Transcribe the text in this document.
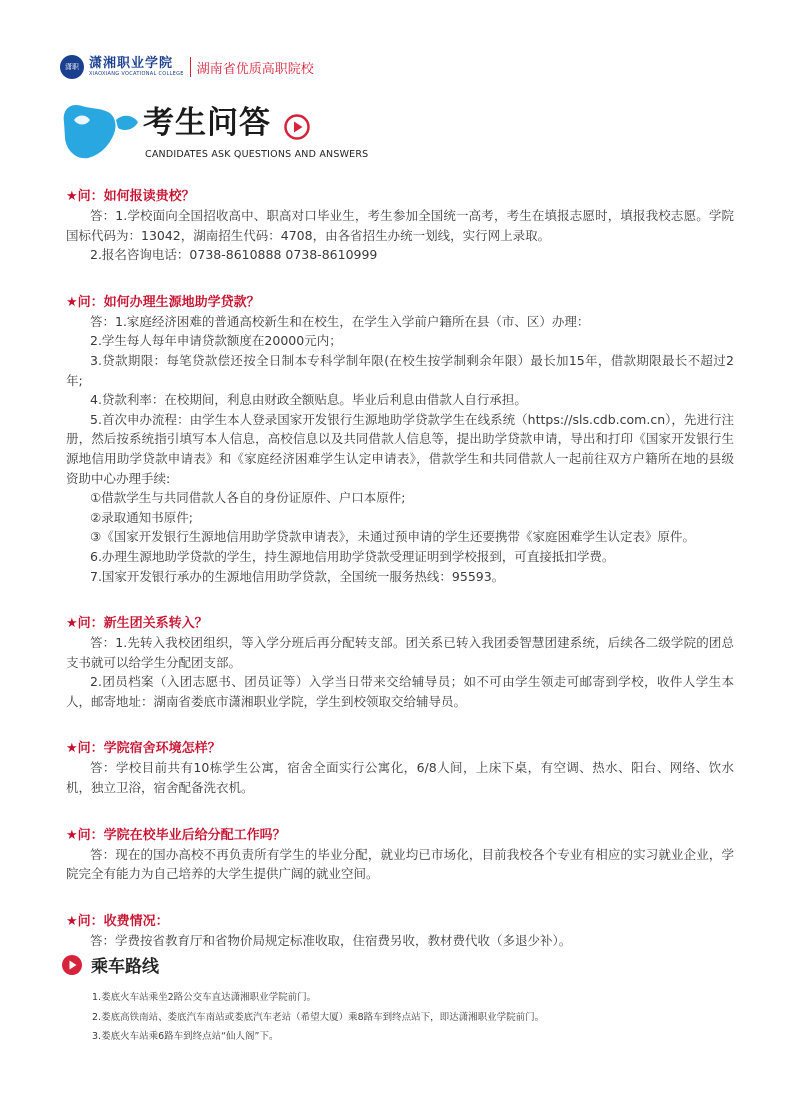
潇职 潇湘职业学院
XIAOXIANG VOCATIONAL COLLEGE 湖南省优质高职院校
考生问答
CANDIDATES ASK QUESTIONS AND ANSWERS
★问：如何报读贵校？

答：1.学校面向全国招收高中、职高对口毕业生，考生参加全国统一高考，考生在填报志愿时，填报我校志愿。学院国标代码为：13042，湖南招生代码：4708，由各省招生办统一划线，实行网上录取。

2.报名咨询电话：0738-8610888 0738-8610999

★问：如何办理生源地助学贷款？

答：1.家庭经济困难的普通高校新生和在校生，在学生入学前户籍所在县（市、区）办理：

2.学生每人每年申请贷款额度在20000元内；

3.贷款期限：每笔贷款偿还按全日制本专科学制年限(在校生按学制剩余年限）最长加15年，借款期限最长不超过2年;

4.贷款利率：在校期间，利息由财政全额贴息。毕业后利息由借款人自行承担。

5.首次申办流程：由学生本人登录国家开发银行生源地助学贷款学生在线系统（https://sls.cdb.com.cn），先进行注册，然后按系统指引填写本人信息，高校信息以及共同借款人信息等，提出助学贷款申请，导出和打印《国家开发银行生源地信用助学贷款申请表》和《家庭经济困难学生认定申请表》，借款学生和共同借款人一起前往双方户籍所在地的县级资助中心办理手续:

①借款学生与共同借款人各自的身份证原件、户口本原件;

②录取通知书原件;

③《国家开发银行生源地信用助学贷款申请表》，未通过预申请的学生还要携带《家庭困难学生认定表》原件。

6.办理生源地助学贷款的学生，持生源地信用助学贷款受理证明到学校报到，可直接抵扣学费。

7.国家开发银行承办的生源地信用助学贷款，全国统一服务热线：95593。

★问：新生团关系转入？

答：1.先转入我校团组织，等入学分班后再分配转支部。团关系已转入我团委智慧团建系统，后续各二级学院的团总支书就可以给学生分配团支部。

2.团员档案（入团志愿书、团员证等）入学当日带来交给辅导员；如不可由学生领走可邮寄到学校，收件人学生本人，邮寄地址：湖南省娄底市潇湘职业学院，学生到校领取交给辅导员。

★问：学院宿舍环境怎样？

答：学校目前共有10栋学生公寓，宿舍全面实行公寓化，6/8人间，上床下桌，有空调、热水、阳台、网络、饮水机，独立卫浴，宿舍配备洗衣机。

★问：学院在校毕业后给分配工作吗？

答：现在的国办高校不再负责所有学生的毕业分配，就业均已市场化，目前我校各个专业有相应的实习就业企业，学院完全有能力为自己培养的大学生提供广阔的就业空间。

★问：收费情况：

答：学费按省教育厅和省物价局规定标准收取，住宿费另收，教材费代收（多退少补）。

乘车路线

1.娄底火车站乘坐2路公交车直达潇湘职业学院前门。

2.娄底高铁南站、娄底汽车南站或娄底汽车老站（希望大厦）乘8路车到终点站下，即达潇湘职业学院前门。

3.娄底火车站乘6路车到终点站“仙人阁”下。
